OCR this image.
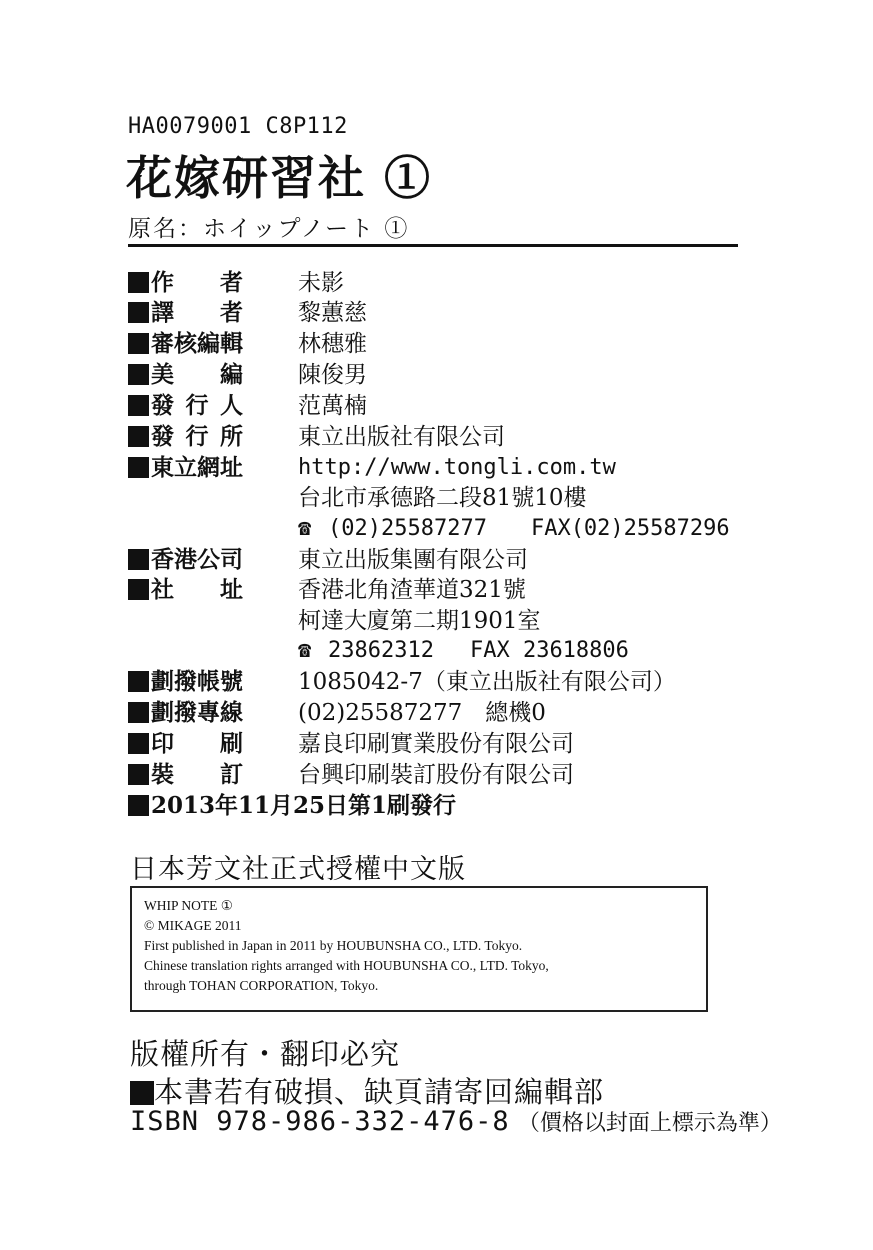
HA0079001 C8P112
花嫁研習社 ①
原名：ホイップノート ①
作 者 未影
譯 者 黎蕙慈
審核編輯	林穗雅
美 編 陳俊男
發 行 人 范萬楠
發 行 所 東立出版社有限公司
東立網址	http://www.tongli.com.tw
台北市承德路二段81號10樓
☎ (02)25587277 FAX(02)25587296
香港公司	東立出版集團有限公司
社 址 香港北角渣華道321號
柯達大廈第二期1901室
☎ 23862312 FAX 23618806
劃撥帳號	1085042-7（東立出版社有限公司）
劃撥專線	(02)25587277　總機0
印 刷 嘉良印刷實業股份有限公司
裝 訂 台興印刷裝訂股份有限公司
2013年11月25日第1刷發行
日本芳文社正式授權中文版
WHIP NOTE ①
© MIKAGE 2011
First published in Japan in 2011 by HOUBUNSHA CO., LTD. Tokyo.
Chinese translation rights arranged with HOUBUNSHA CO., LTD. Tokyo,
through TOHAN CORPORATION, Tokyo.
版權所有・翻印必究
本書若有破損、缺頁請寄回編輯部
ISBN 978-986-332-476-8 （價格以封面上標示為準）
